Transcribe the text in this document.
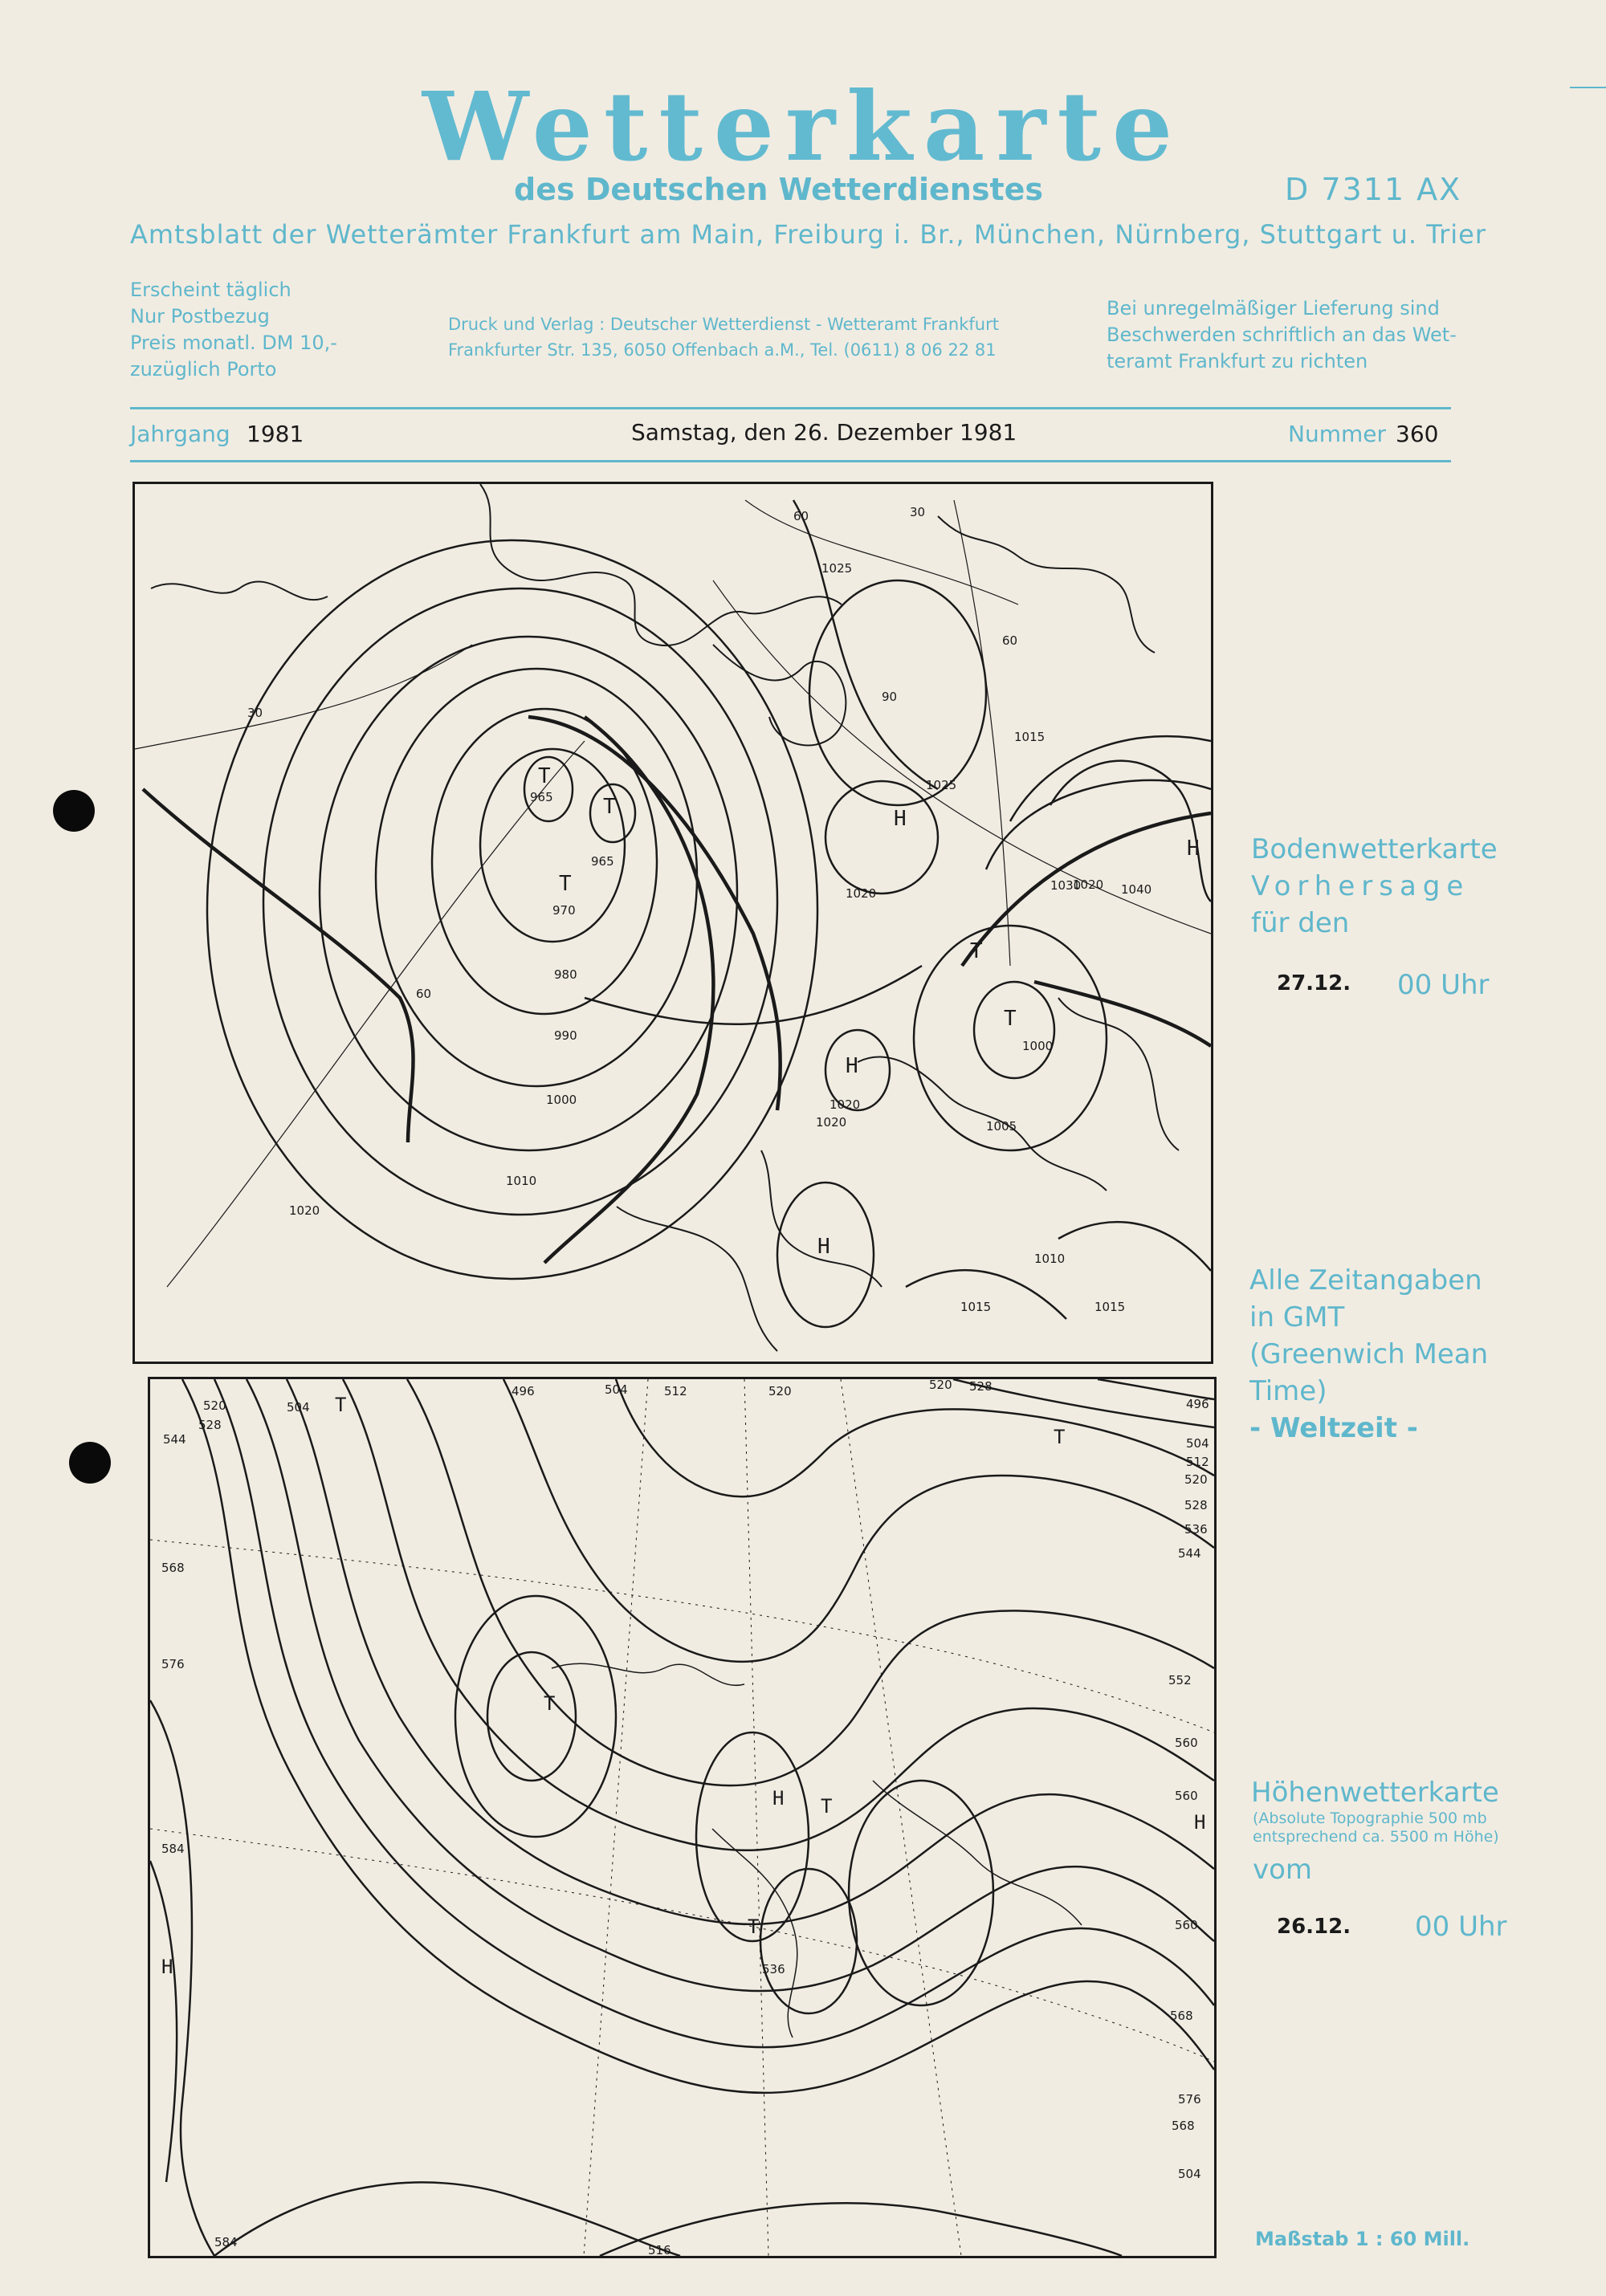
Wetterkarte
des Deutschen Wetterdienstes	D 7311 AX
Amtsblatt der Wetterämter Frankfurt am Main, Freiburg i. Br., München, Nürnberg, Stuttgart u. Trier
Erscheint täglich
Nur Postbezug
Preis monatl. DM 10,-
zuzüglich Porto
Druck und Verlag : Deutscher Wetterdienst - Wetteramt Frankfurt
Frankfurter Str. 135, 6050 Offenbach a.M., Tel. (0611) 8 06 22 81
Bei unregelmäßiger Lieferung sind
Beschwerden schriftlich an das Wet-
teramt Frankfurt zu richten
Jahrgang 1981	Samstag, den 26. Dezember 1981	Nummer 360
T
T
T
H
H
T
T
H
H
1025
1025
1015
1020
1030	1040
1020
1000
1005
1010
1015	1015
1020
1020
965
965
970
980
990
1000
1010
1020
60	30
30
90
60
60
Bodenwetterkarte
Vorhersage
für den
27.12. 00 Uhr
Alle Zeitangaben
in GMT
(Greenwich Mean
Time)
- Weltzeit -
T
T
T
T
T
H
H
H
520
528
504
496	504	512	520	520 528
496
504
512
520
528
536
544
552
560
560
560
568
576
544
568
576
584
584
504
536
568
516
Höhenwetterkarte
(Absolute Topographie 500 mb
entsprechend ca. 5500 m Höhe)
vom
26.12. 00 Uhr
Maßstab 1 : 60 Mill.
